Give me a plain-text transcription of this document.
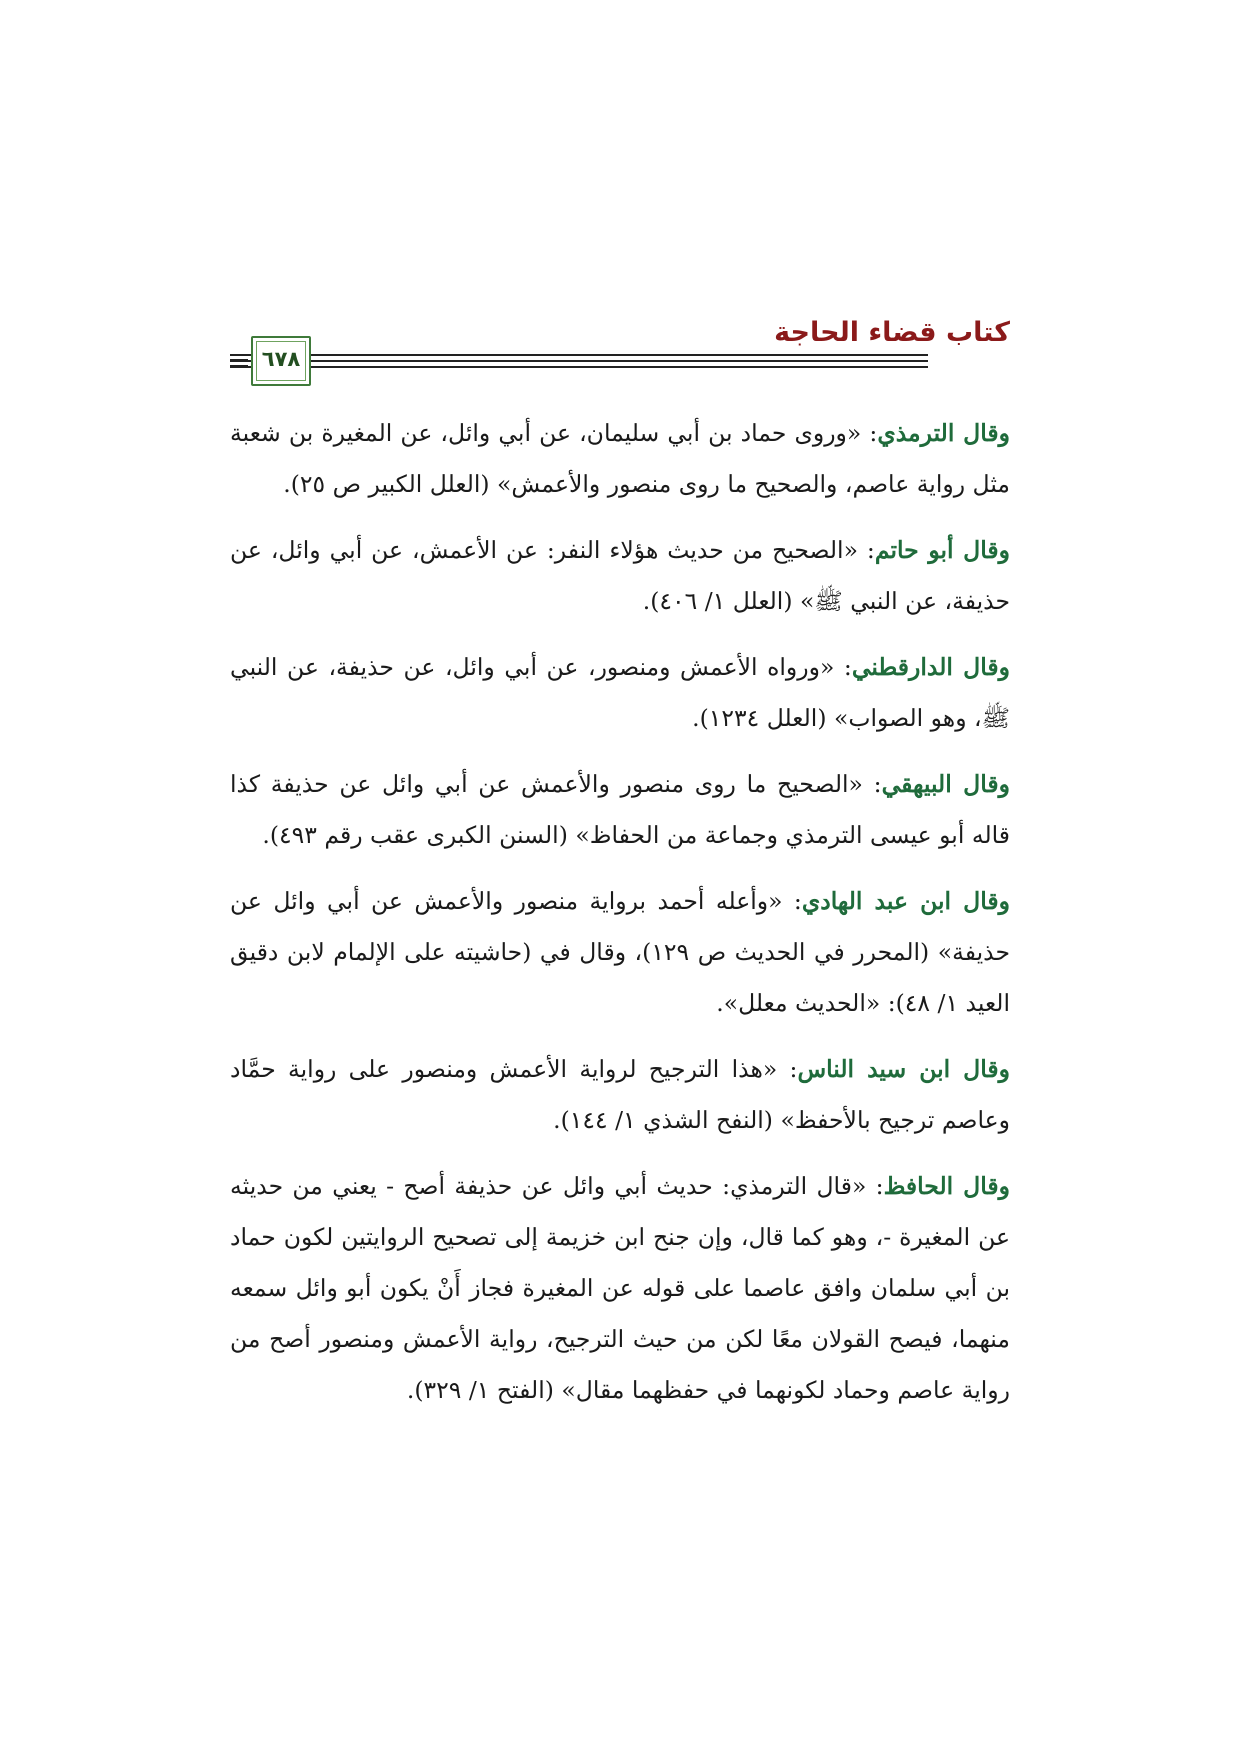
كتاب قضاء الحاجة
٦٧٨

وقال الترمذي: «وروى حماد بن أبي سليمان، عن أبي وائل، عن المغيرة بن شعبة مثل رواية عاصم، والصحيح ما روى منصور والأعمش» (العلل الكبير ص ٢٥).

وقال أبو حاتم: «الصحيح من حديث هؤلاء النفر: عن الأعمش، عن أبي وائل، عن حذيفة، عن النبي ﷺ» (العلل ١/ ٤٠٦).

وقال الدارقطني: «ورواه الأعمش ومنصور، عن أبي وائل، عن حذيفة، عن النبي ﷺ، وهو الصواب» (العلل ١٢٣٤).

وقال البيهقي: «الصحيح ما روى منصور والأعمش عن أبي وائل عن حذيفة كذا قاله أبو عيسى الترمذي وجماعة من الحفاظ» (السنن الكبرى عقب رقم ٤٩٣).

وقال ابن عبد الهادي: «وأعله أحمد برواية منصور والأعمش عن أبي وائل عن حذيفة» (المحرر في الحديث ص ١٢٩)، وقال في (حاشيته على الإلمام لابن دقيق العيد ١/ ٤٨): «الحديث معلل».

وقال ابن سيد الناس: «هذا الترجيح لرواية الأعمش ومنصور على رواية حمَّاد وعاصم ترجيح بالأحفظ» (النفح الشذي ١/ ١٤٤).

وقال الحافظ: «قال الترمذي: حديث أبي وائل عن حذيفة أصح - يعني من حديثه عن المغيرة -، وهو كما قال، وإن جنح ابن خزيمة إلى تصحيح الروايتين لكون حماد بن أبي سلمان وافق عاصما على قوله عن المغيرة فجاز أَنْ يكون أبو وائل سمعه منهما، فيصح القولان معًا لكن من حيث الترجيح، رواية الأعمش ومنصور أصح من رواية عاصم وحماد لكونهما في حفظهما مقال» (الفتح ١/ ٣٢٩).
